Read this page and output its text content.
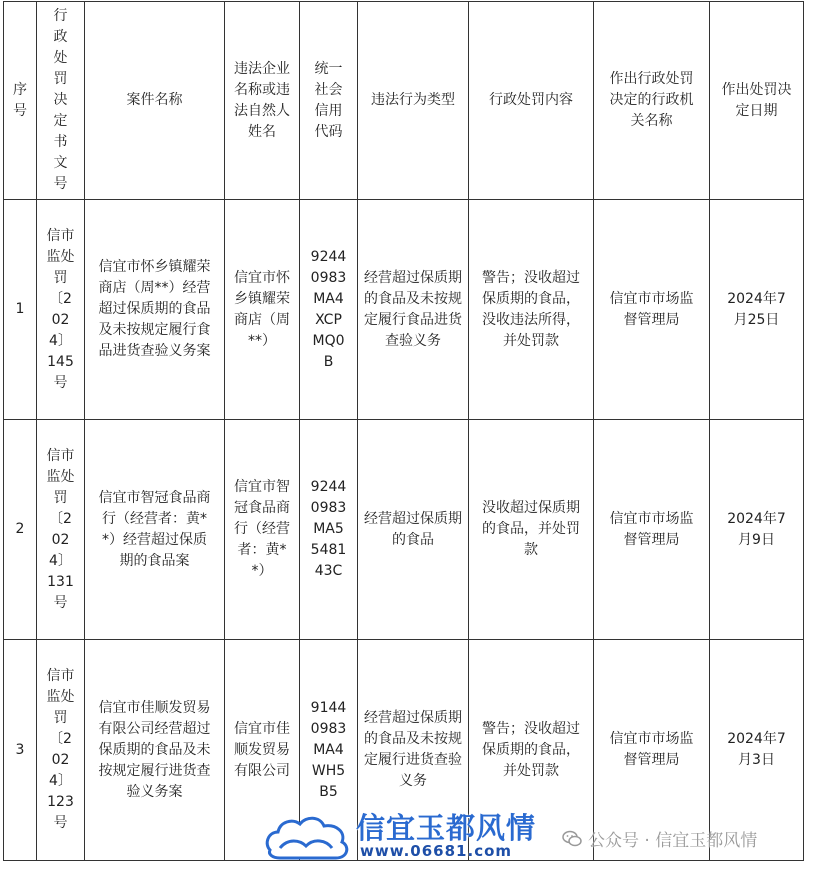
序号	行政处罚决定书文号	案件名称	违法企业名称或违法自然人姓名	统一社会信用代码	违法行为类型	行政处罚内容	作出行政处罚决定的行政机关名称	作出处罚决定日期

1	信市监处罚〔2024〕145号	信宜市怀乡镇耀荣商店（周**）经营超过保质期的食品及未按规定履行食品进货查验义务案	信宜市怀乡镇耀荣商店（周**）	92440983MA4XCPMQ0B	经营超过保质期的食品及未按规定履行食品进货查验义务	警告；没收超过保质期的食品，没收违法所得，并处罚款	信宜市市场监督管理局	2024年7月25日

2	信市监处罚〔2024〕131号	信宜市智冠食品商行（经营者：黄**）经营超过保质期的食品案	信宜市智冠食品商行（经营者：黄**）	92440983MA5548143C	经营超过保质期的食品	没收超过保质期的食品，并处罚款	信宜市市场监督管理局	2024年7月9日

3	信市监处罚〔2024〕123号	信宜市佳顺发贸易有限公司经营超过保质期的食品及未按规定履行进货查验义务案	信宜市佳顺发贸易有限公司	91440983MA4WH5B5	经营超过保质期的食品及未按规定履行进货查验义务	警告；没收超过保质期的食品，并处罚款	信宜市市场监督管理局	2024年7月3日
信宜玉都风情
www.06681.com	公众号 · 信宜玉都风情
